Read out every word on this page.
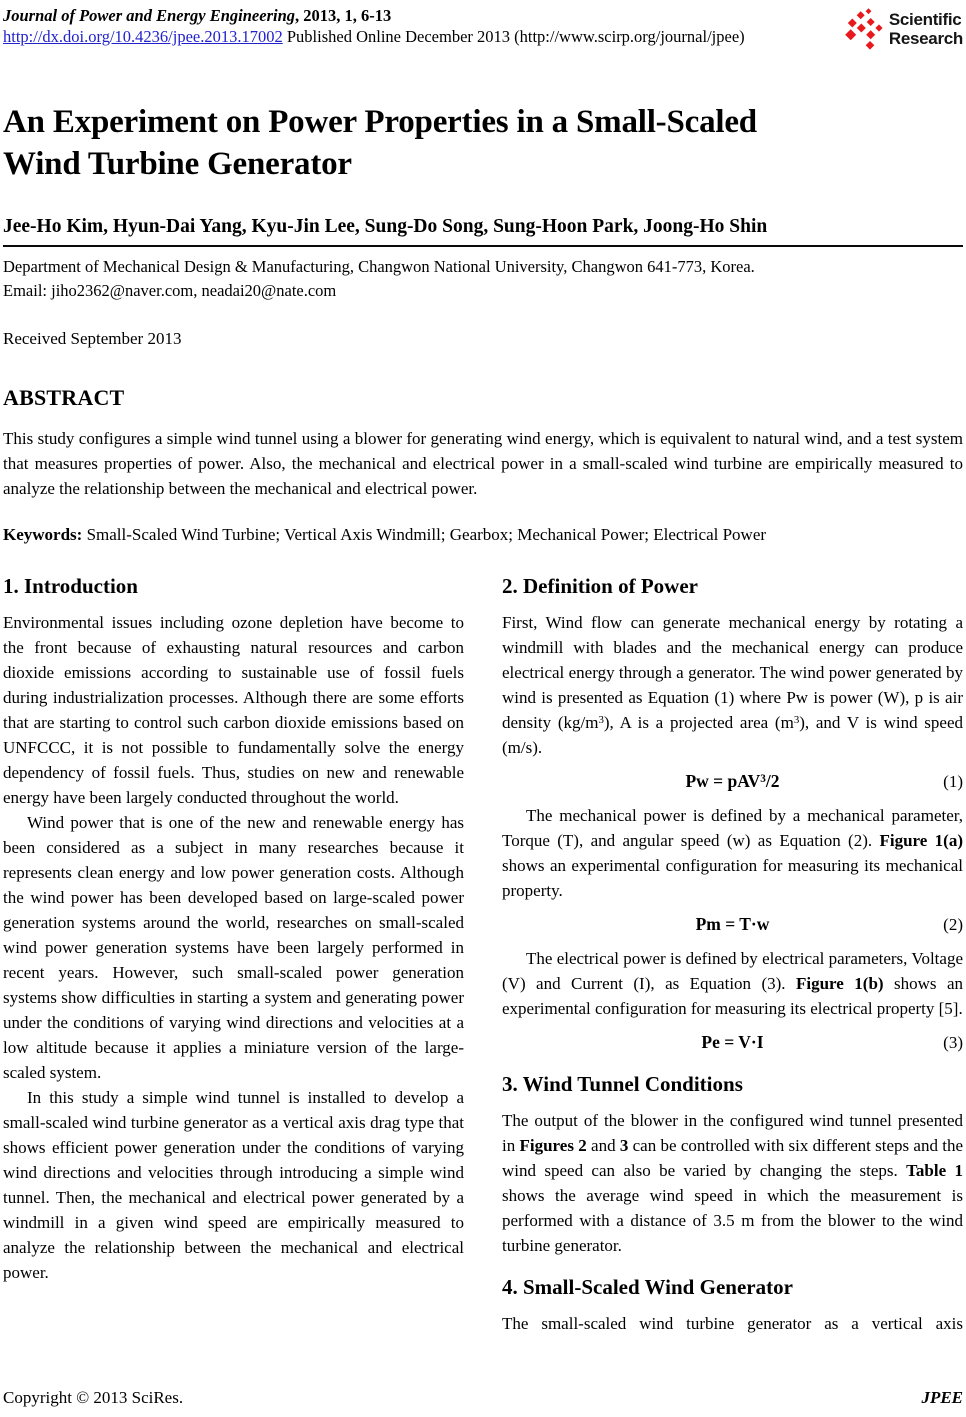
Journal of Power and Energy Engineering, 2013, 1, 6-13
http://dx.doi.org/10.4236/jpee.2013.17002 Published Online December 2013 (http://www.scirp.org/journal/jpee)
Scientific
Research
An Experiment on Power Properties in a Small-Scaled
Wind Turbine Generator
Jee-Ho Kim, Hyun-Dai Yang, Kyu-Jin Lee, Sung-Do Song, Sung-Hoon Park, Joong-Ho Shin
Department of Mechanical Design & Manufacturing, Changwon National University, Changwon 641-773, Korea.
Email: jiho2362@naver.com, neadai20@nate.com
Received September 2013
ABSTRACT
This study configures a simple wind tunnel using a blower for generating wind energy, which is equivalent to natural wind, and a test system that measures properties of power. Also, the mechanical and electrical power in a small-scaled wind turbine are empirically measured to analyze the relationship between the mechanical and electrical power.
Keywords: Small-Scaled Wind Turbine; Vertical Axis Windmill; Gearbox; Mechanical Power; Electrical Power
1. Introduction

Environmental issues including ozone depletion have become to the front because of exhausting natural resources and carbon dioxide emissions according to sustainable use of fossil fuels during industrialization processes. Although there are some efforts that are starting to control such carbon dioxide emissions based on UNFCCC, it is not possible to fundamentally solve the energy dependency of fossil fuels. Thus, studies on new and renewable energy have been largely conducted throughout the world.

Wind power that is one of the new and renewable energy has been considered as a subject in many researches because it represents clean energy and low power generation costs. Although the wind power has been developed based on large-scaled power generation systems around the world, researches on small-scaled wind power generation systems have been largely performed in recent years. However, such small-scaled power generation systems show difficulties in starting a system and generating power under the conditions of varying wind directions and velocities at a low altitude because it applies a miniature version of the large-scaled system.

In this study a simple wind tunnel is installed to develop a small-scaled wind turbine generator as a vertical axis drag type that shows efficient power generation under the conditions of varying wind directions and velocities through introducing a simple wind tunnel. Then, the mechanical and electrical power generated by a windmill in a given wind speed are empirically measured to analyze the relationship between the mechanical and electrical power.

2. Definition of Power

First, Wind flow can generate mechanical energy by rotating a windmill with blades and the mechanical energy can produce electrical energy through a generator. The wind power generated by wind is presented as Equation (1) where Pw is power (W), p is air density $(kg/m^3)$, A is a projected area $(m^3)$, and V is wind speed (m/s).

Pw = pAV$^3$/2	(1)

The mechanical power is defined by a mechanical parameter, Torque (T), and angular speed (w) as Equation (2). Figure 1(a) shows an experimental configuration for measuring its mechanical property.

Pm = T·w	(2)

The electrical power is defined by electrical parameters, Voltage (V) and Current (I), as Equation (3). Figure 1(b) shows an experimental configuration for measuring its electrical property [5].

Pe = V·I	(3)
3. Wind Tunnel Conditions

The output of the blower in the configured wind tunnel presented in Figures 2 and 3 can be controlled with six different steps and the wind speed can also be varied by changing the steps. Table 1 shows the average wind speed in which the measurement is performed with a distance of 3.5 m from the blower to the wind turbine generator.

4. Small-Scaled Wind Generator

The small-scaled wind turbine generator as a vertical axis

Copyright © 2013 SciRes.	JPEE
